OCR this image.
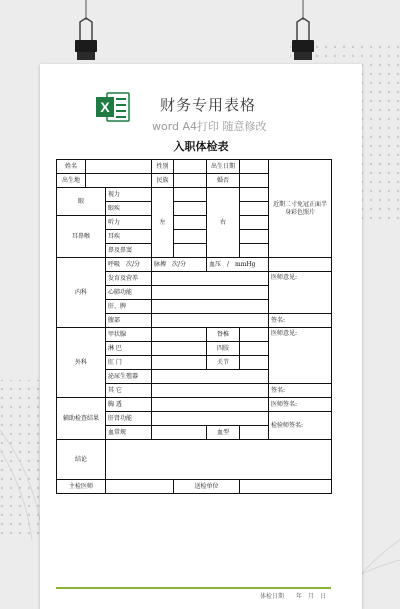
X	财务专用表格
word A4打印 随意修改
入职体检表
姓名			性别		出生日期		近期二寸免冠正面半身彩色照片
出生地			民族		婚否		
眼		视力	左		右		
		眼疾					
耳鼻喉		听力					
		耳疾					
		鼻及鼻窦					
内科		呼吸　 次/分	脉搏　 次/分		血压　 /　mmHg		
		发育及营养					医师意见:
		心肺功能					
		肝、脾					
		腹部					签名:
外科		甲状腺			脊椎		医师意见:
		淋 巴			四肢		
		肛 门			关节		
		泌尿生殖器					
		其 它					签名:
辅助检查结果		胸 透					医师签名:
		肝肾功能					检验师签名:
		血常规			血型		
结论							
主检医师				送检单位			
体检日期　　年　月　日
